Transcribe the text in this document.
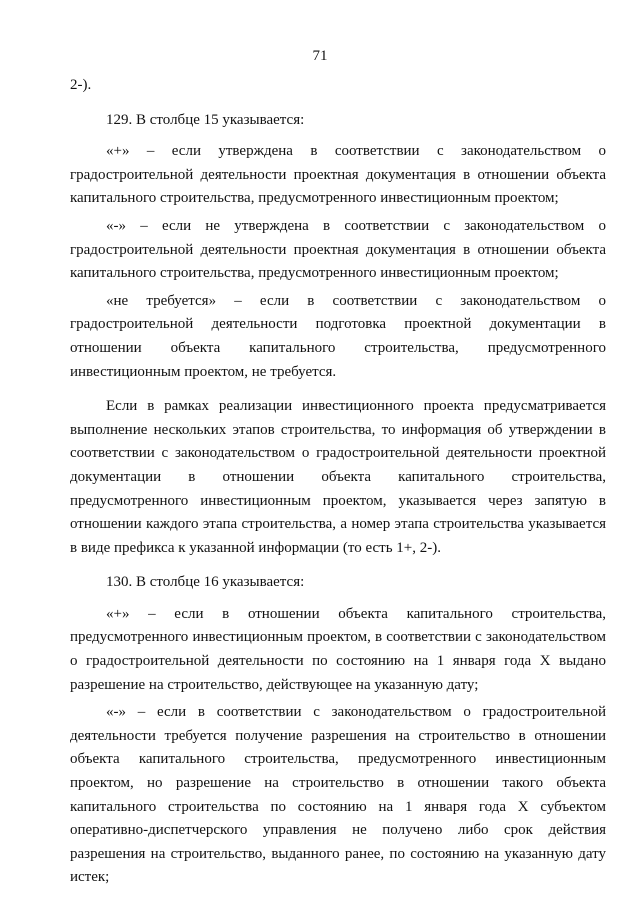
71

2-).

129. В столбце 15 указывается:

«+» – если утверждена в соответствии с законодательством о градостроительной деятельности проектная документация в отношении объекта капитального строительства, предусмотренного инвестиционным проектом;

«-» – если не утверждена в соответствии с законодательством о градостроительной деятельности проектная документация в отношении объекта капитального строительства, предусмотренного инвестиционным проектом;

«не требуется» – если в соответствии с законодательством о градостроительной деятельности подготовка проектной документации в отношении объекта капитального строительства, предусмотренного инвестиционным проектом, не требуется.

Если в рамках реализации инвестиционного проекта предусматривается выполнение нескольких этапов строительства, то информация об утверждении в соответствии с законодательством о градостроительной деятельности проектной документации в отношении объекта капитального строительства, предусмотренного инвестиционным проектом, указывается через запятую в отношении каждого этапа строительства, а номер этапа строительства указывается в виде префикса к указанной информации (то есть 1+, 2-).

130. В столбце 16 указывается:

«+» – если в отношении объекта капитального строительства, предусмотренного инвестиционным проектом, в соответствии с законодательством о градостроительной деятельности по состоянию на 1 января года Х выдано разрешение на строительство, действующее на указанную дату;

«-» – если в соответствии с законодательством о градостроительной деятельности требуется получение разрешения на строительство в отношении объекта капитального строительства, предусмотренного инвестиционным проектом, но разрешение на строительство в отношении такого объекта капитального строительства по состоянию на 1 января года Х субъектом оперативно-диспетчерского управления не получено либо срок действия разрешения на строительство, выданного ранее, по состоянию на указанную дату истек;
